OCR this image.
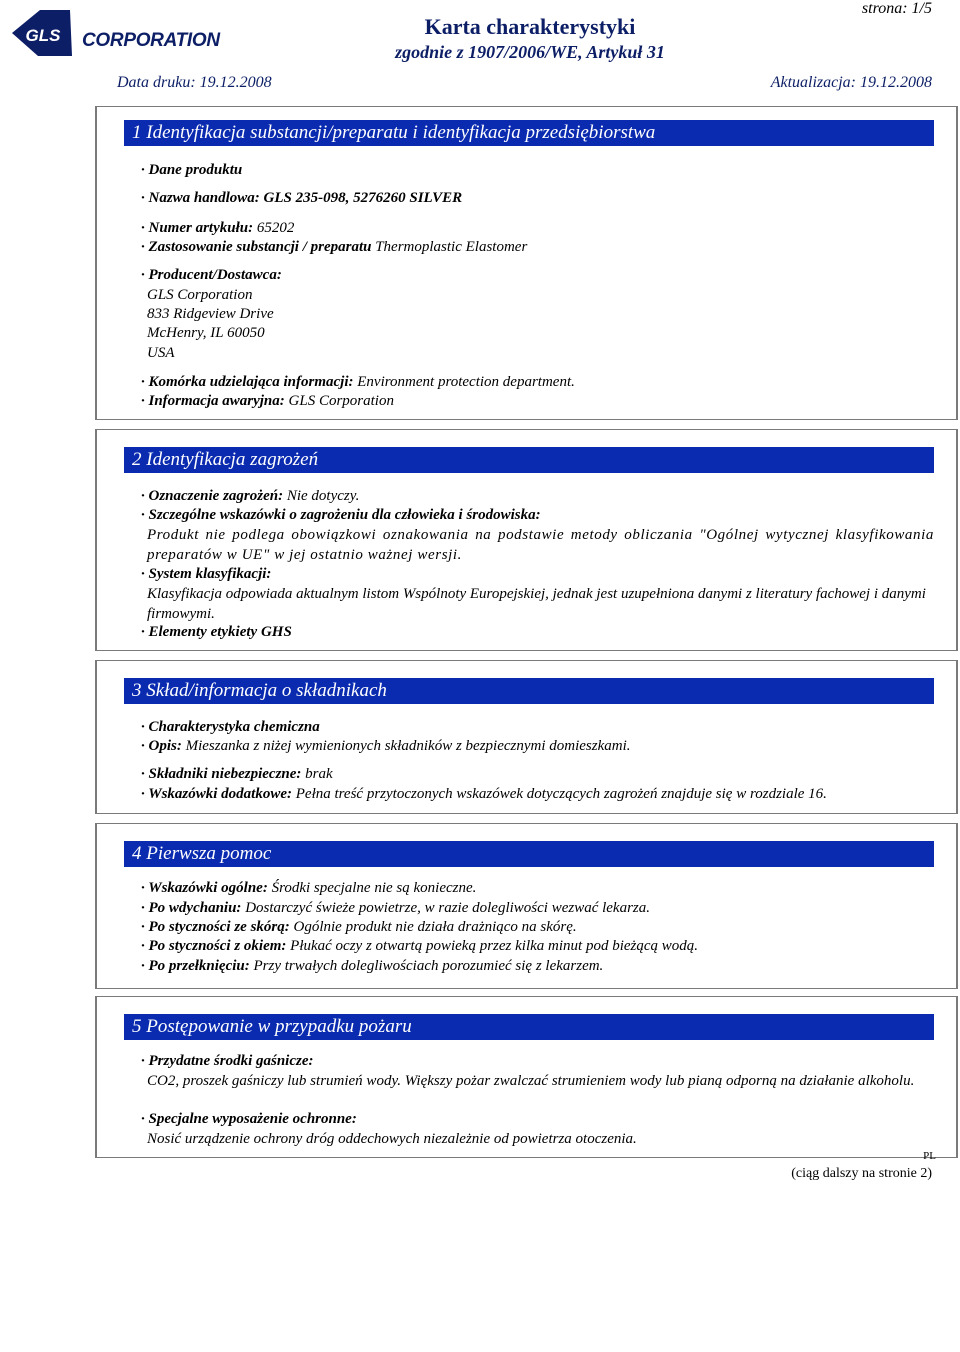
GLS CORPORATION
Karta charakterystyki
zgodnie z 1907/2006/WE, Artykuł 31
strona: 1/5
Data druku: 19.12.2008	Aktualizacja: 19.12.2008
1 Identyfikacja substancji/preparatu i identyfikacja przedsiębiorstwa
· Dane produktu
· Nazwa handlowa: GLS 235-098, 5276260 SILVER
· Numer artykułu: 65202
· Zastosowanie substancji / preparatu Thermoplastic Elastomer
· Producent/Dostawca:
GLS Corporation
833 Ridgeview Drive
McHenry, IL 60050
USA
· Komórka udzielająca informacji: Environment protection department.
· Informacja awaryjna: GLS Corporation
2 Identyfikacja zagrożeń
· Oznaczenie zagrożeń: Nie dotyczy.
· Szczególne wskazówki o zagrożeniu dla człowieka i środowiska:
Produkt nie podlega obowiązkowi oznakowania na podstawie metody obliczania "Ogólnej wytycznej klasyfikowania preparatów w UE" w jej ostatnio ważnej wersji.
· System klasyfikacji:
Klasyfikacja odpowiada aktualnym listom Wspólnoty Europejskiej, jednak jest uzupełniona danymi z literatury fachowej i danymi firmowymi.
· Elementy etykiety GHS
3 Skład/informacja o składnikach
· Charakterystyka chemiczna
· Opis: Mieszanka z niżej wymienionych składników z bezpiecznymi domieszkami.
· Składniki niebezpieczne: brak
· Wskazówki dodatkowe: Pełna treść przytoczonych wskazówek dotyczących zagrożeń znajduje się w rozdziale 16.
4 Pierwsza pomoc
· Wskazówki ogólne: Środki specjalne nie są konieczne.
· Po wdychaniu: Dostarczyć świeże powietrze, w razie dolegliwości wezwać lekarza.
· Po styczności ze skórą: Ogólnie produkt nie działa drażniąco na skórę.
· Po styczności z okiem: Płukać oczy z otwartą powieką przez kilka minut pod bieżącą wodą.
· Po przełknięciu: Przy trwałych dolegliwościach porozumieć się z lekarzem.
5 Postępowanie w przypadku pożaru
· Przydatne środki gaśnicze:
CO2, proszek gaśniczy lub strumień wody. Większy pożar zwalczać strumieniem wody lub pianą odporną na działanie alkoholu.
· Specjalne wyposażenie ochronne:
Nosić urządzenie ochrony dróg oddechowych niezależnie od powietrza otoczenia.
PL
(ciąg dalszy na stronie 2)
